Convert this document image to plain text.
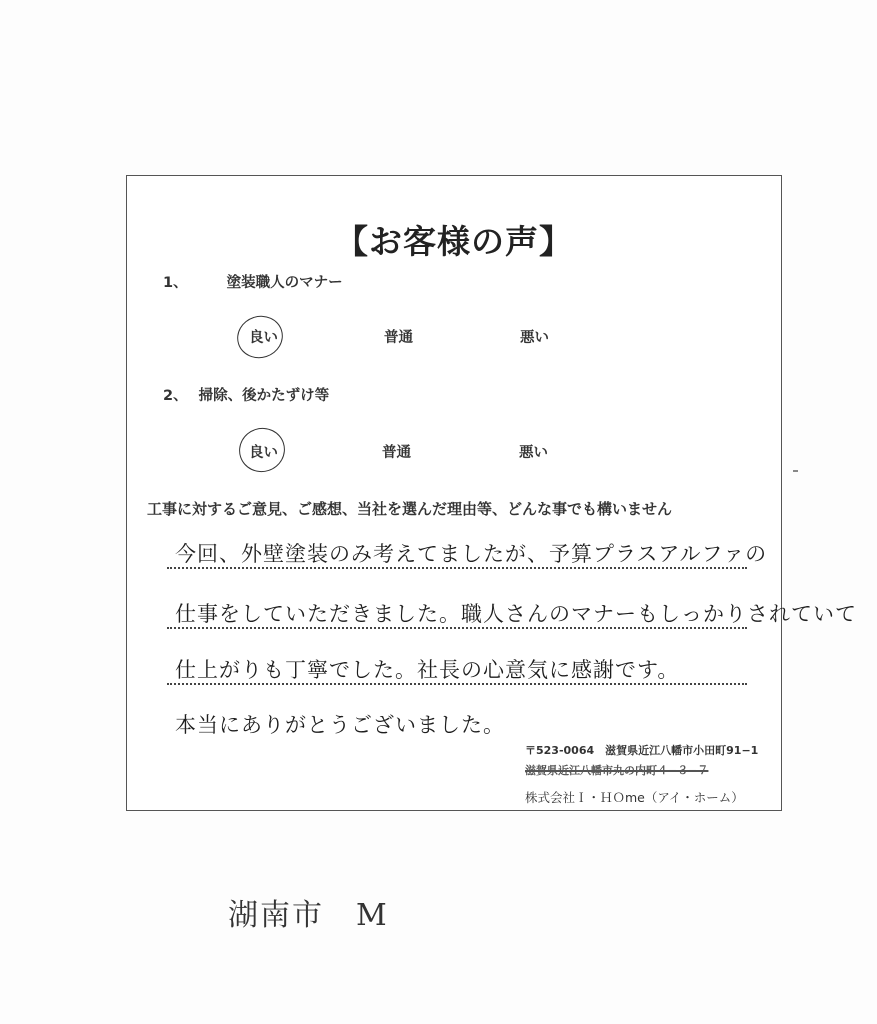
【お客様の声】
1、	塗装職人のマナー
良い	普通	悪い
2、 掃除、後かたずけ等
良い	普通	悪い
工事に対するご意見、ご感想、当社を選んだ理由等、どんな事でも構いません
今回、外壁塗装のみ考えてましたが、予算プラスアルファの
仕事をしていただきました。職人さんのマナーもしっかりされていて
仕上がりも丁寧でした。社長の心意気に感謝です。
本当にありがとうございました。
〒523-0064　滋賀県近江八幡市小田町91−1
滋賀県近江八幡市丸の内町４−３−７
株式会社Ｉ・ＨＯme（アイ・ホーム）
湖南市　M
